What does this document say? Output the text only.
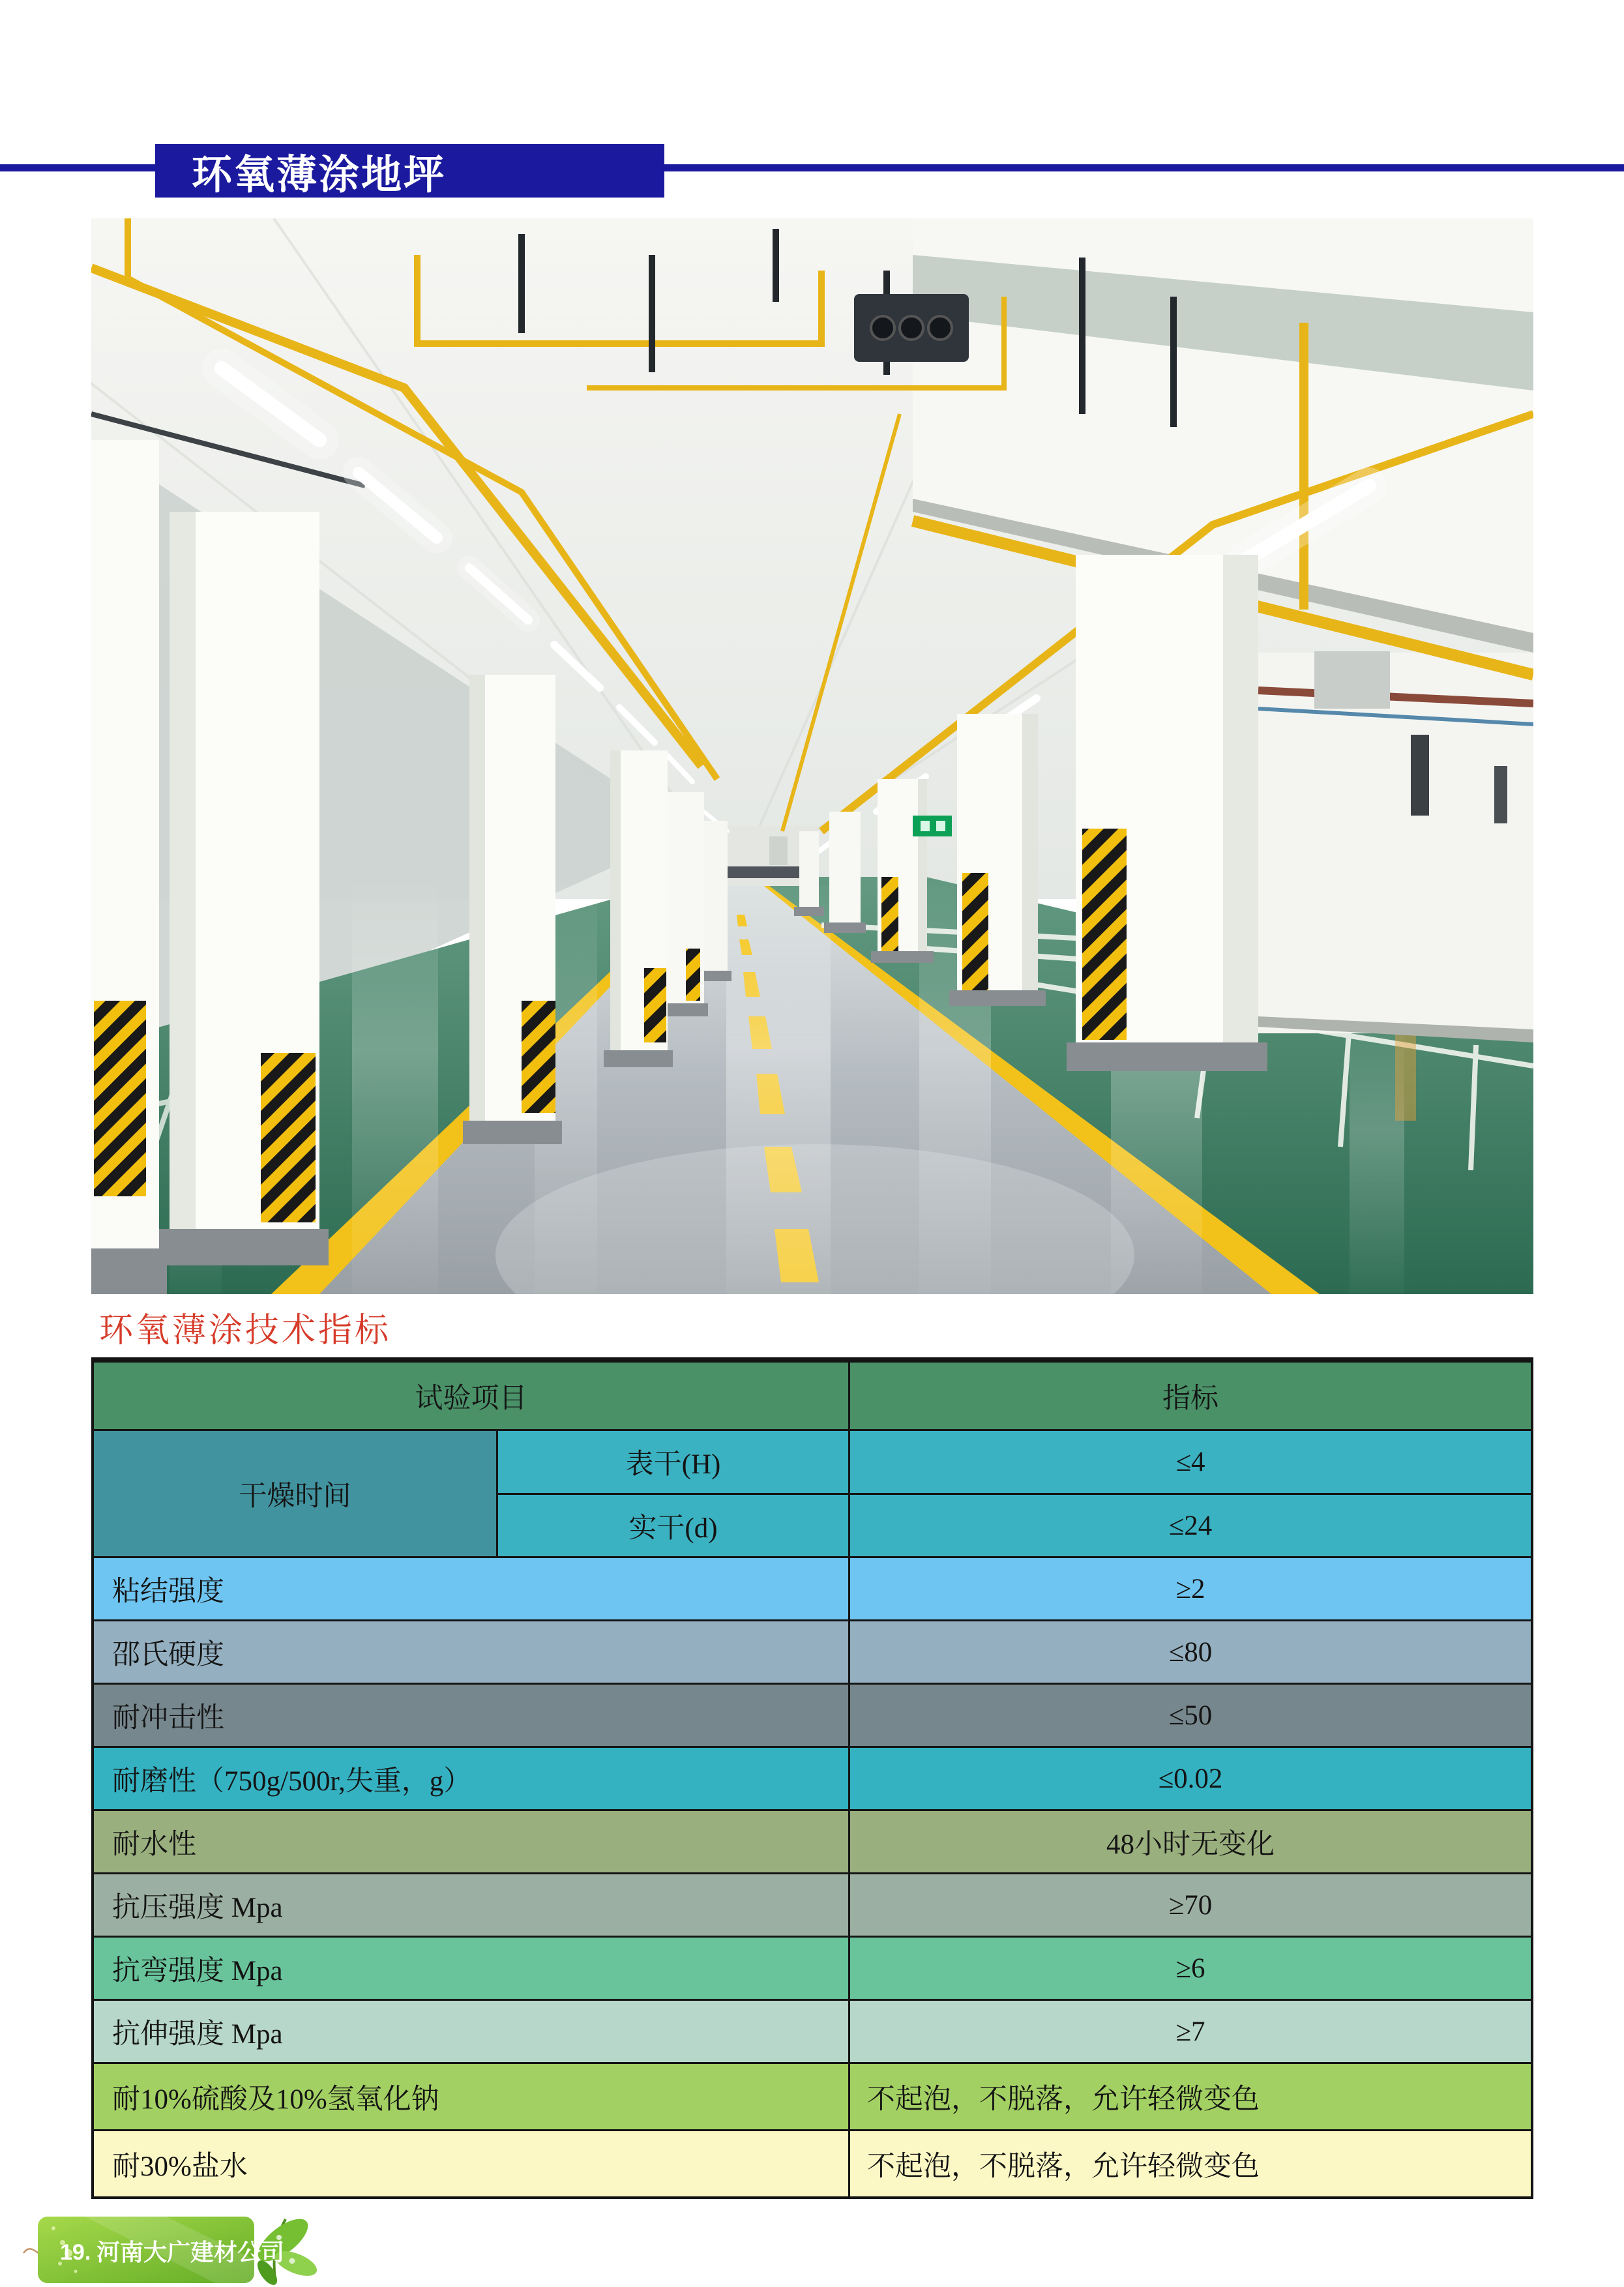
环氧薄涂地坪
环氧薄涂技术指标
试验项目	指标
干燥时间
表干(H)	≤4
实干(d)	≤24
粘结强度	≥2
邵氏硬度	≤80
耐冲击性	≤50
耐磨性（750g/500r,失重，g）	≤0.02
耐水性	48小时无变化
抗压强度 Mpa	≥70
抗弯强度 Mpa	≥6
抗伸强度 Mpa	≥7
耐10%硫酸及10%氢氧化钠	不起泡，不脱落，允许轻微变色
耐30%盐水	不起泡，不脱落，允许轻微变色
19. 河南大广建材公司
